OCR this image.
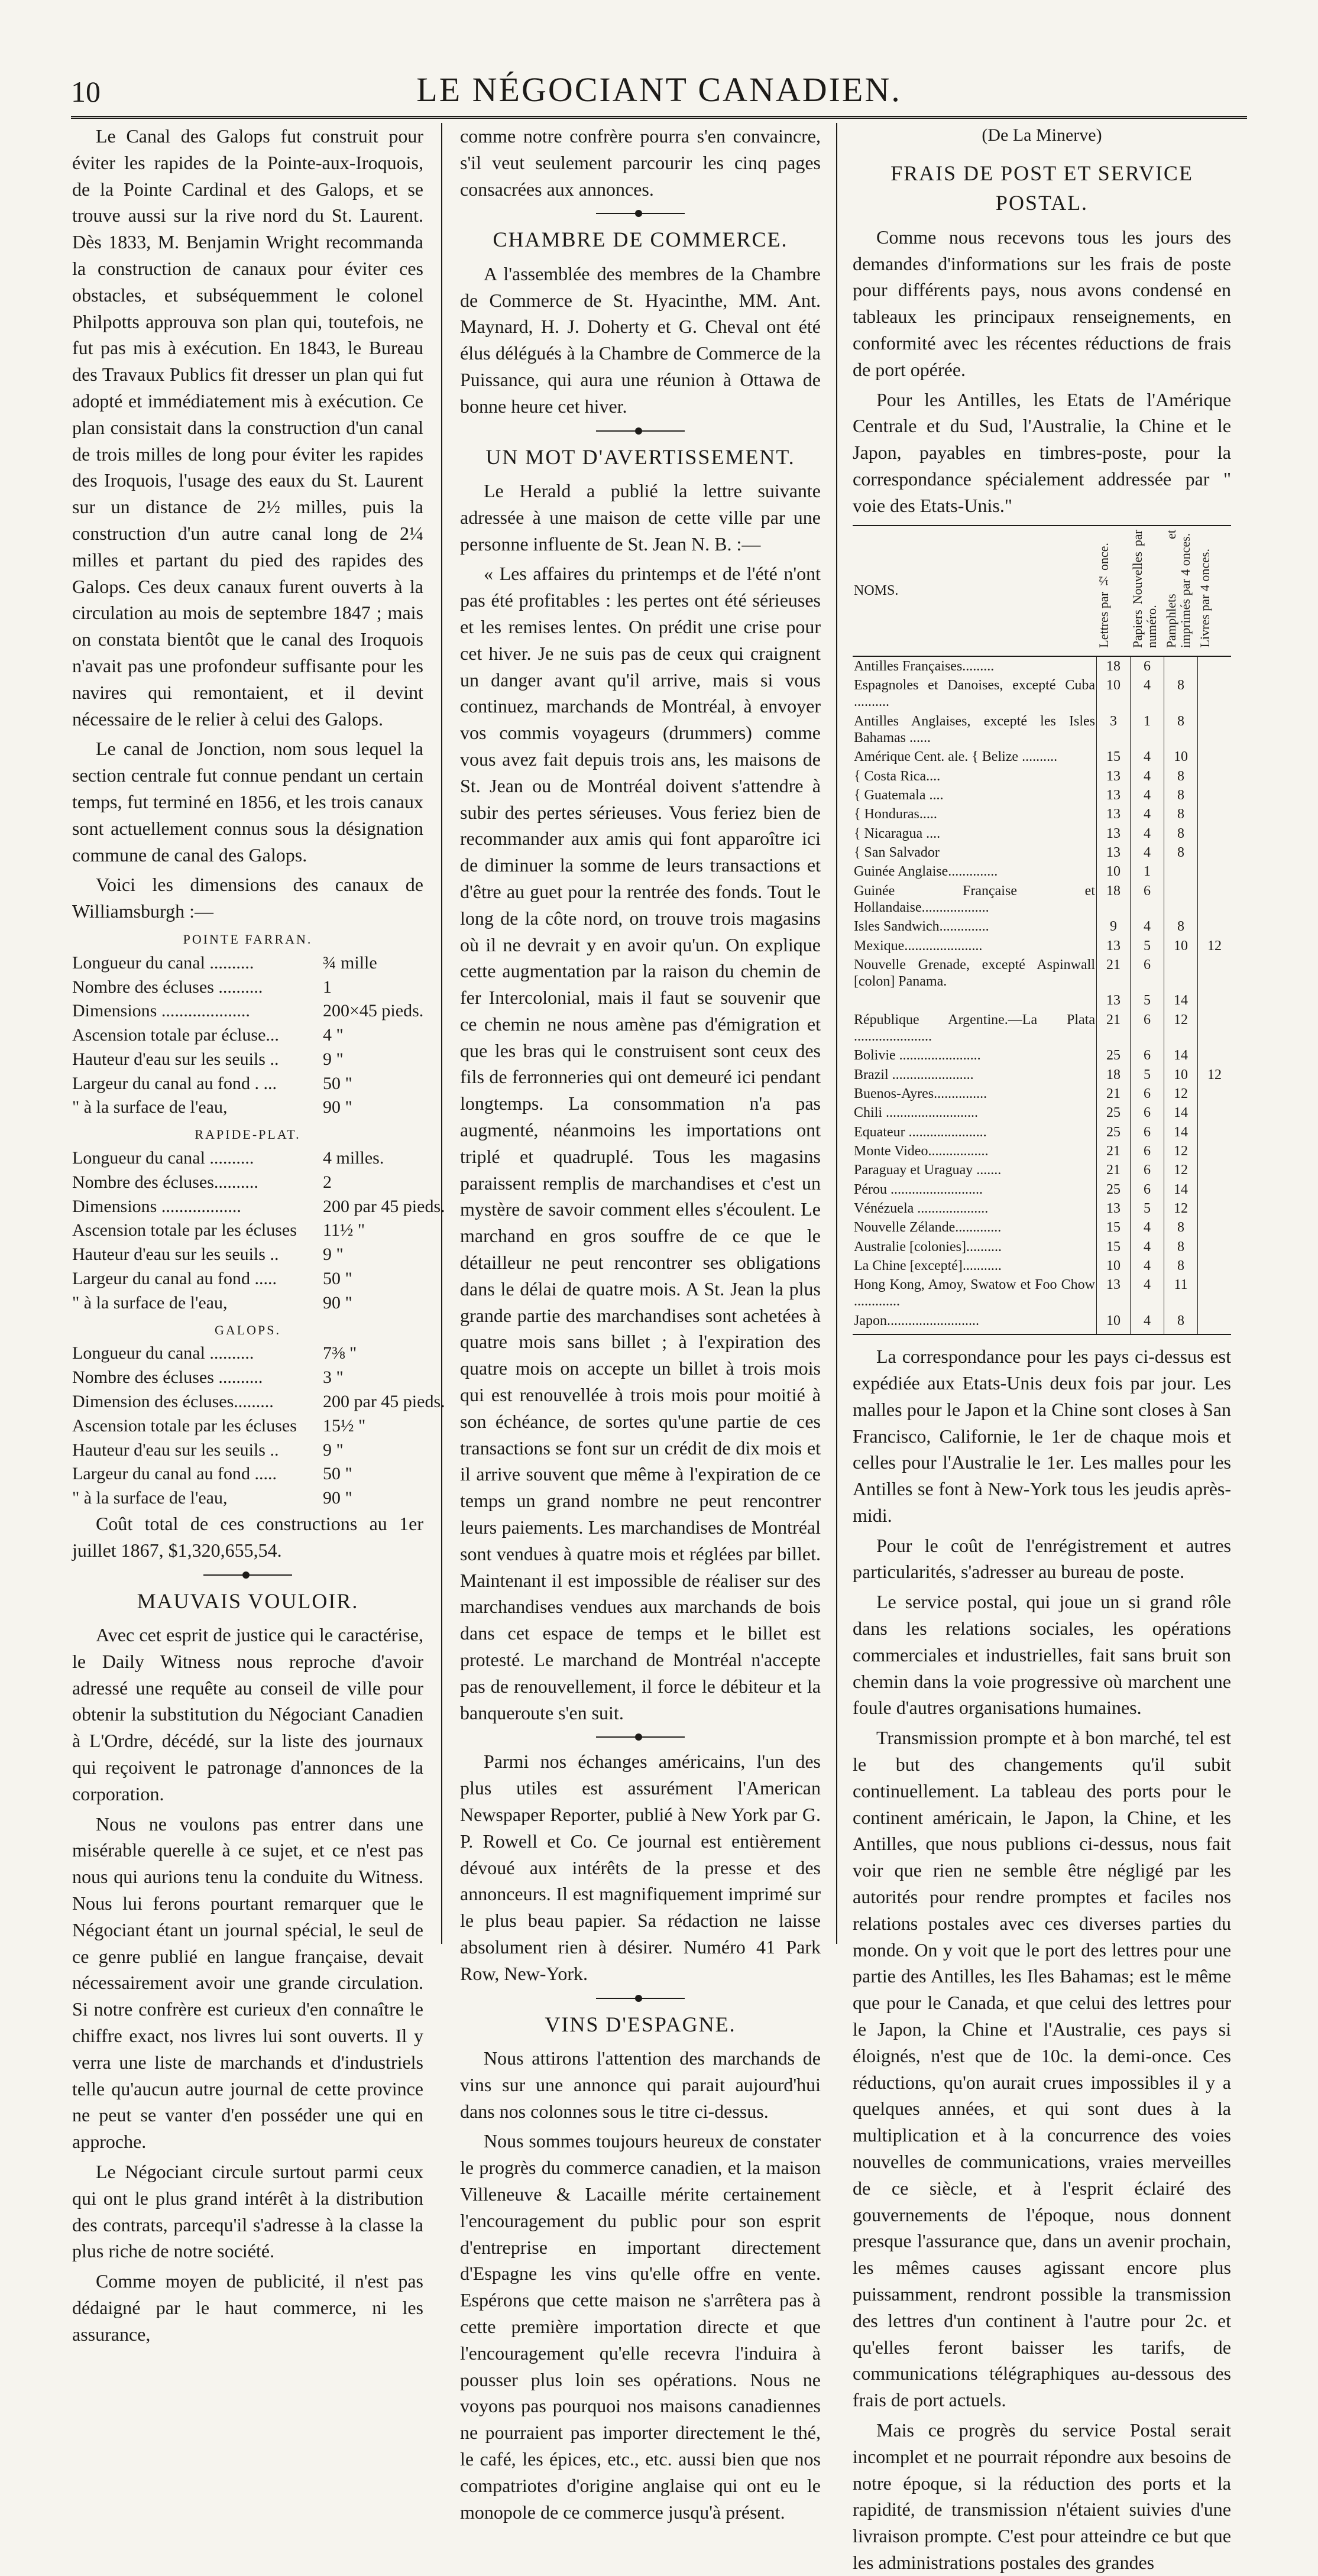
10	LE NÉGOCIANT CANADIEN.

Le Canal des Galops fut construit pour éviter les rapides de la Pointe-aux-Iroquois, de la Pointe Cardinal et des Galops, et se trouve aussi sur la rive nord du St. Laurent. Dès 1833, M. Benjamin Wright recommanda la construction de canaux pour éviter ces obstacles, et subséquemment le colonel Philpotts approuva son plan qui, toutefois, ne fut pas mis à exécution. En 1843, le Bureau des Travaux Publics fit dresser un plan qui fut adopté et immédiatement mis à exécution. Ce plan consistait dans la construction d'un canal de trois milles de long pour éviter les rapides des Iroquois, l'usage des eaux du St. Laurent sur un distance de 2½ milles, puis la construction d'un autre canal long de 2¼ milles et partant du pied des rapides des Galops. Ces deux canaux furent ouverts à la circulation au mois de septembre 1847 ; mais on constata bientôt que le canal des Iroquois n'avait pas une profondeur suffisante pour les navires qui remontaient, et il devint nécessaire de le relier à celui des Galops.

Le canal de Jonction, nom sous lequel la section centrale fut connue pendant un certain temps, fut terminé en 1856, et les trois canaux sont actuellement connus sous la désignation commune de canal des Galops.

Voici les dimensions des canaux de Williamsburgh :—

POINTE FARRAN.
Longueur du canal ..........	¾ mille
Nombre des écluses ..........	1
Dimensions ....................	200×45 pieds.
Ascension totale par écluse...	4 "
Hauteur d'eau sur les seuils ..	9 "
Largeur du canal au fond . ...	50 "
" à la surface de l'eau,	90 "
RAPIDE-PLAT.
Longueur du canal ..........	4 milles.
Nombre des écluses..........	2
Dimensions ..................	200 par 45 pieds.
Ascension totale par les écluses	11½ "
Hauteur d'eau sur les seuils ..	9 "
Largeur du canal au fond .....	50 "
" à la surface de l'eau,	90 "
GALOPS.
Longueur du canal ..........	7⅜ "
Nombre des écluses ..........	3 "
Dimension des écluses.........	200 par 45 pieds.
Ascension totale par les écluses	15½ "
Hauteur d'eau sur les seuils ..	9 "
Largeur du canal au fond .....	50 "
" à la surface de l'eau,	90 "

Coût total de ces constructions au 1er juillet 1867, $1,320,655,54.

MAUVAIS VOULOIR.

Avec cet esprit de justice qui le caractérise, le Daily Witness nous reproche d'avoir adressé une requête au conseil de ville pour obtenir la substitution du Négociant Canadien à L'Ordre, décédé, sur la liste des journaux qui reçoivent le patronage d'annonces de la corporation.

Nous ne voulons pas entrer dans une misérable querelle à ce sujet, et ce n'est pas nous qui aurions tenu la conduite du Witness. Nous lui ferons pourtant remarquer que le Négociant étant un journal spécial, le seul de ce genre publié en langue française, devait nécessairement avoir une grande circulation. Si notre confrère est curieux d'en connaître le chiffre exact, nos livres lui sont ouverts. Il y verra une liste de marchands et d'industriels telle qu'aucun autre journal de cette province ne peut se vanter d'en posséder une qui en approche.

Le Négociant circule surtout parmi ceux qui ont le plus grand intérêt à la distribution des contrats, parcequ'il s'adresse à la classe la plus riche de notre société.

Comme moyen de publicité, il n'est pas dédaigné par le haut commerce, ni les assurance,

comme notre confrère pourra s'en convaincre, s'il veut seulement parcourir les cinq pages consacrées aux annonces.

CHAMBRE DE COMMERCE.

A l'assemblée des membres de la Chambre de Commerce de St. Hyacinthe, MM. Ant. Maynard, H. J. Doherty et G. Cheval ont été élus délégués à la Chambre de Commerce de la Puissance, qui aura une réunion à Ottawa de bonne heure cet hiver.

UN MOT D'AVERTISSEMENT.

Le Herald a publié la lettre suivante adressée à une maison de cette ville par une personne influente de St. Jean N. B. :—

« Les affaires du printemps et de l'été n'ont pas été profitables : les pertes ont été sérieuses et les remises lentes. On prédit une crise pour cet hiver. Je ne suis pas de ceux qui craignent un danger avant qu'il arrive, mais si vous continuez, marchands de Montréal, à envoyer vos commis voyageurs (drummers) comme vous avez fait depuis trois ans, les maisons de St. Jean ou de Montréal doivent s'attendre à subir des pertes sérieuses. Vous feriez bien de recommander aux amis qui font apparoître ici de diminuer la somme de leurs transactions et d'être au guet pour la rentrée des fonds. Tout le long de la côte nord, on trouve trois magasins où il ne devrait y en avoir qu'un. On explique cette augmentation par la raison du chemin de fer Intercolonial, mais il faut se souvenir que ce chemin ne nous amène pas d'émigration et que les bras qui le construisent sont ceux des fils de ferronneries qui ont demeuré ici pendant longtemps. La consommation n'a pas augmenté, néanmoins les importations ont triplé et quadruplé. Tous les magasins paraissent remplis de marchandises et c'est un mystère de savoir comment elles s'écoulent. Le marchand en gros souffre de ce que le détailleur ne peut rencontrer ses obligations dans le délai de quatre mois. A St. Jean la plus grande partie des marchandises sont achetées à quatre mois sans billet ; à l'expiration des quatre mois on accepte un billet à trois mois qui est renouvellée à trois mois pour moitié à son échéance, de sortes qu'une partie de ces transactions se font sur un crédit de dix mois et il arrive souvent que même à l'expiration de ce temps un grand nombre ne peut rencontrer leurs paiements. Les marchandises de Montréal sont vendues à quatre mois et réglées par billet. Maintenant il est impossible de réaliser sur des marchandises vendues aux marchands de bois dans cet espace de temps et le billet est protesté. Le marchand de Montréal n'accepte pas de renouvellement, il force le débiteur et la banqueroute s'en suit.

Parmi nos échanges américains, l'un des plus utiles est assurément l'American Newspaper Reporter, publié à New York par G. P. Rowell et Co. Ce journal est entièrement dévoué aux intérêts de la presse et des annonceurs. Il est magnifiquement imprimé sur le plus beau papier. Sa rédaction ne laisse absolument rien à désirer. Numéro 41 Park Row, New-York.

VINS D'ESPAGNE.

Nous attirons l'attention des marchands de vins sur une annonce qui parait aujourd'hui dans nos colonnes sous le titre ci-dessus.

Nous sommes toujours heureux de constater le progrès du commerce canadien, et la maison Villeneuve & Lacaille mérite certainement l'encouragement du public pour son esprit d'entreprise en important directement d'Espagne les vins qu'elle offre en vente. Espérons que cette maison ne s'arrêtera pas à cette première importation directe et que l'encouragement qu'elle recevra l'induira à pousser plus loin ses opérations. Nous ne voyons pas pourquoi nos maisons canadiennes ne pourraient pas importer directement le thé, le café, les épices, etc., etc. aussi bien que nos compatriotes d'origine anglaise qui ont eu le monopole de ce commerce jusqu'à présent.

(De La Minerve)
FRAIS DE POST ET SERVICE POSTAL.

Comme nous recevons tous les jours des demandes d'informations sur les frais de poste pour différents pays, nous avons condensé en tableaux les principaux renseignements, en conformité avec les récentes réductions de frais de port opérée.

Pour les Antilles, les Etats de l'Amérique Centrale et du Sud, l'Australie, la Chine et le Japon, payables en timbres-poste, pour la correspondance spécialement addressée par " voie des Etats-Unis."

NOMS.	Lettres par ½ once.	Papiers Nouvelles par numéro.	Pamphlets et imprimés par 4 onces.	Livres par 4 onces.
Antilles Françaises.........	18	6		
Espagnoles et Danoises, excepté Cuba ..........	10	4	8	
Antilles Anglaises, excepté les Isles Bahamas ......	3	1	8	
Amérique Cent. ale. { Belize ..........	15	4	10	
{ Costa Rica....	13	4	8	
{ Guatemala ....	13	4	8	
{ Honduras.....	13	4	8	
{ Nicaragua ....	13	4	8	
{ San Salvador	13	4	8	
Guinée Anglaise..............	10	1		
Guinée Française et Hollandaise...................	18	6		
Isles Sandwich..............	9	4	8	
Mexique......................	13	5	10	12
Nouvelle Grenade, excepté Aspinwall [colon] Panama.	21	6		
	13	5	14	
République Argentine.—La Plata ......................	21	6	12	
Bolivie .......................	25	6	14	
Brazil .......................	18	5	10	12
Buenos-Ayres...............	21	6	12	
Chili ..........................	25	6	14	
Equateur ......................	25	6	14	
Monte Video.................	21	6	12	
Paraguay et Uraguay .......	21	6	12	
Pérou ..........................	25	6	14	
Vénézuela ....................	13	5	12	
Nouvelle Zélande.............	15	4	8	
Australie [colonies]..........	15	4	8	
La Chine [excepté]...........	10	4	8	
Hong Kong, Amoy, Swatow et Foo Chow .............	13	4	11	
Japon..........................	10	4	8	

La correspondance pour les pays ci-dessus est expédiée aux Etats-Unis deux fois par jour. Les malles pour le Japon et la Chine sont closes à San Francisco, Californie, le 1er de chaque mois et celles pour l'Australie le 1er. Les malles pour les Antilles se font à New-York tous les jeudis après-midi.

Pour le coût de l'enrégistrement et autres particularités, s'adresser au bureau de poste.

Le service postal, qui joue un si grand rôle dans les relations sociales, les opérations commerciales et industrielles, fait sans bruit son chemin dans la voie progressive où marchent une foule d'autres organisations humaines.

Transmission prompte et à bon marché, tel est le but des changements qu'il subit continuellement. La tableau des ports pour le continent américain, le Japon, la Chine, et les Antilles, que nous publions ci-dessus, nous fait voir que rien ne semble être négligé par les autorités pour rendre promptes et faciles nos relations postales avec ces diverses parties du monde. On y voit que le port des lettres pour une partie des Antilles, les Iles Bahamas; est le même que pour le Canada, et que celui des lettres pour le Japon, la Chine et l'Australie, ces pays si éloignés, n'est que de 10c. la demi-once. Ces réductions, qu'on aurait crues impossibles il y a quelques années, et qui sont dues à la multiplication et à la concurrence des voies nouvelles de communications, vraies merveilles de ce siècle, et à l'esprit éclairé des gouvernements de l'époque, nous donnent presque l'assurance que, dans un avenir prochain, les mêmes causes agissant encore plus puissamment, rendront possible la transmission des lettres d'un continent à l'autre pour 2c. et qu'elles feront baisser les tarifs, de communications télégraphiques au-dessous des frais de port actuels.

Mais ce progrès du service Postal serait incomplet et ne pourrait répondre aux besoins de notre époque, si la réduction des ports et la rapidité, de transmission n'étaient suivies d'une livraison prompte. C'est pour atteindre ce but que les administrations postales des grandes
